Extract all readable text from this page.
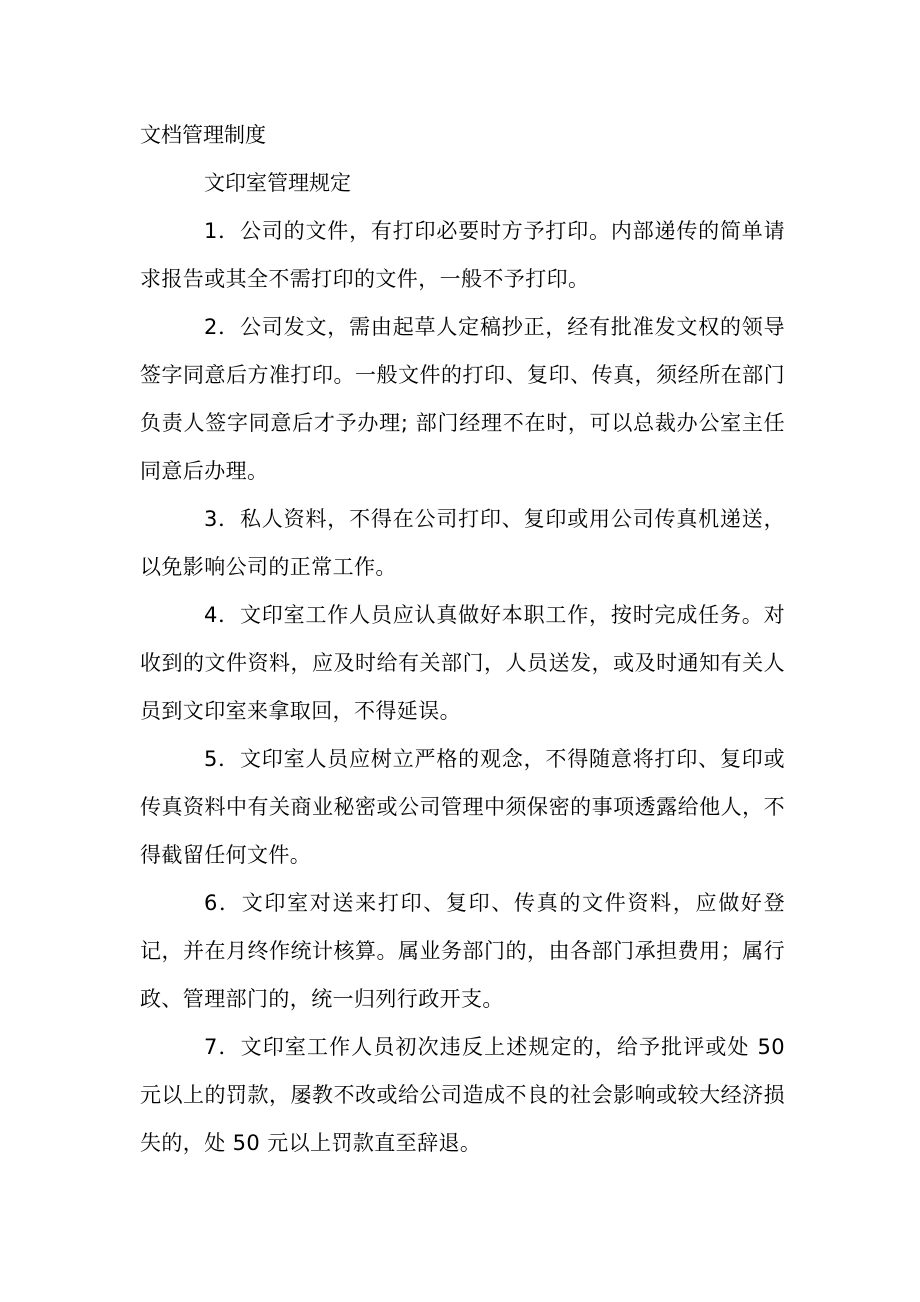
文档管理制度
文印室管理规定

1．公司的文件，有打印必要时方予打印。内部递传的简单请求报告或其全不需打印的文件，一般不予打印。

2．公司发文，需由起草人定稿抄正，经有批准发文权的领导签字同意后方准打印。一般文件的打印、复印、传真，须经所在部门负责人签字同意后才予办理; 部门经理不在时，可以总裁办公室主任同意后办理。

3．私人资料，不得在公司打印、复印或用公司传真机递送，以免影响公司的正常工作。

4．文印室工作人员应认真做好本职工作，按时完成任务。对收到的文件资料，应及时给有关部门，人员送发，或及时通知有关人员到文印室来拿取回，不得延误。

5．文印室人员应树立严格的观念，不得随意将打印、复印或传真资料中有关商业秘密或公司管理中须保密的事项透露给他人，不得截留任何文件。

6．文印室对送来打印、复印、传真的文件资料，应做好登记，并在月终作统计核算。属业务部门的，由各部门承担费用；属行政、管理部门的，统一归列行政开支。

7．文印室工作人员初次违反上述规定的，给予批评或处 50 元以上的罚款，屡教不改或给公司造成不良的社会影响或较大经济损失的，处 50 元以上罚款直至辞退。
